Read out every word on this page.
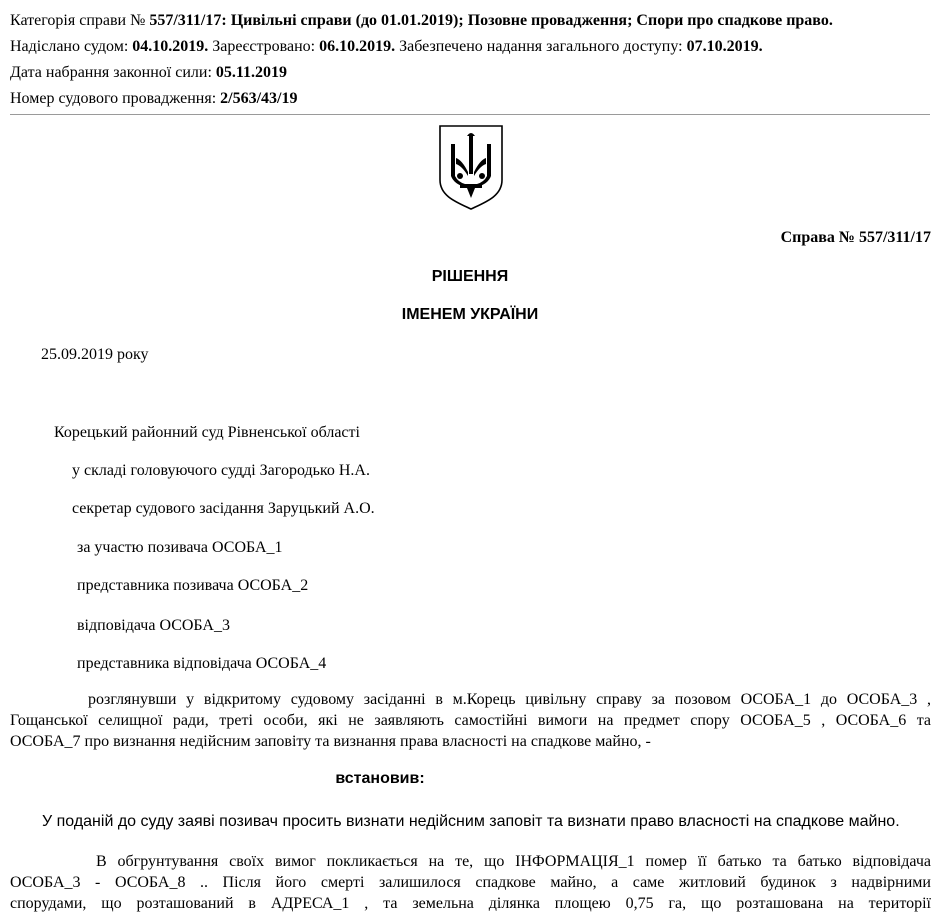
Категорія справи № 557/311/17: Цивільні справи (до 01.01.2019); Позовне провадження; Спори про спадкове право.
Надіслано судом: 04.10.2019. Зареєстровано: 06.10.2019. Забезпечено надання загального доступу: 07.10.2019.
Дата набрання законної сили: 05.11.2019
Номер судового провадження: 2/563/43/19
Справа № 557/311/17
РІШЕННЯ
ІМЕНЕМ УКРАЇНИ
25.09.2019 року
Корецький районний суд Рівненської області
у складі головуючого судді Загородько Н.А.
секретар судового засідання Заруцький А.О.
за участю позивача ОСОБА_1
представника позивача ОСОБА_2
відповідача ОСОБА_3
представника відповідача ОСОБА_4
розглянувши у відкритому судовому засіданні в м.Корець цивільну справу за позовом ОСОБА_1 до ОСОБА_3 ,
Гощанської селищної ради, треті особи, які не заявляють самостійні вимоги на предмет спору ОСОБА_5 , ОСОБА_6 та
ОСОБА_7 про визнання недійсним заповіту та визнання права власності на спадкове майно, -
встановив:
У поданій до суду заяві позивач просить визнати недійсним заповіт та визнати право власності на спадкове майно.
В обгрунтування своїх вимог покликається на те, що ІНФОРМАЦІЯ_1 помер її батько та батько відповідача
ОСОБА_3 - ОСОБА_8 .. Після його смерті залишилося спадкове майно, а саме житловий будинок з надвірними
спорудами, що розташований в АДРЕСА_1 , та земельна ділянка площею 0,75 га, що розташована на території
